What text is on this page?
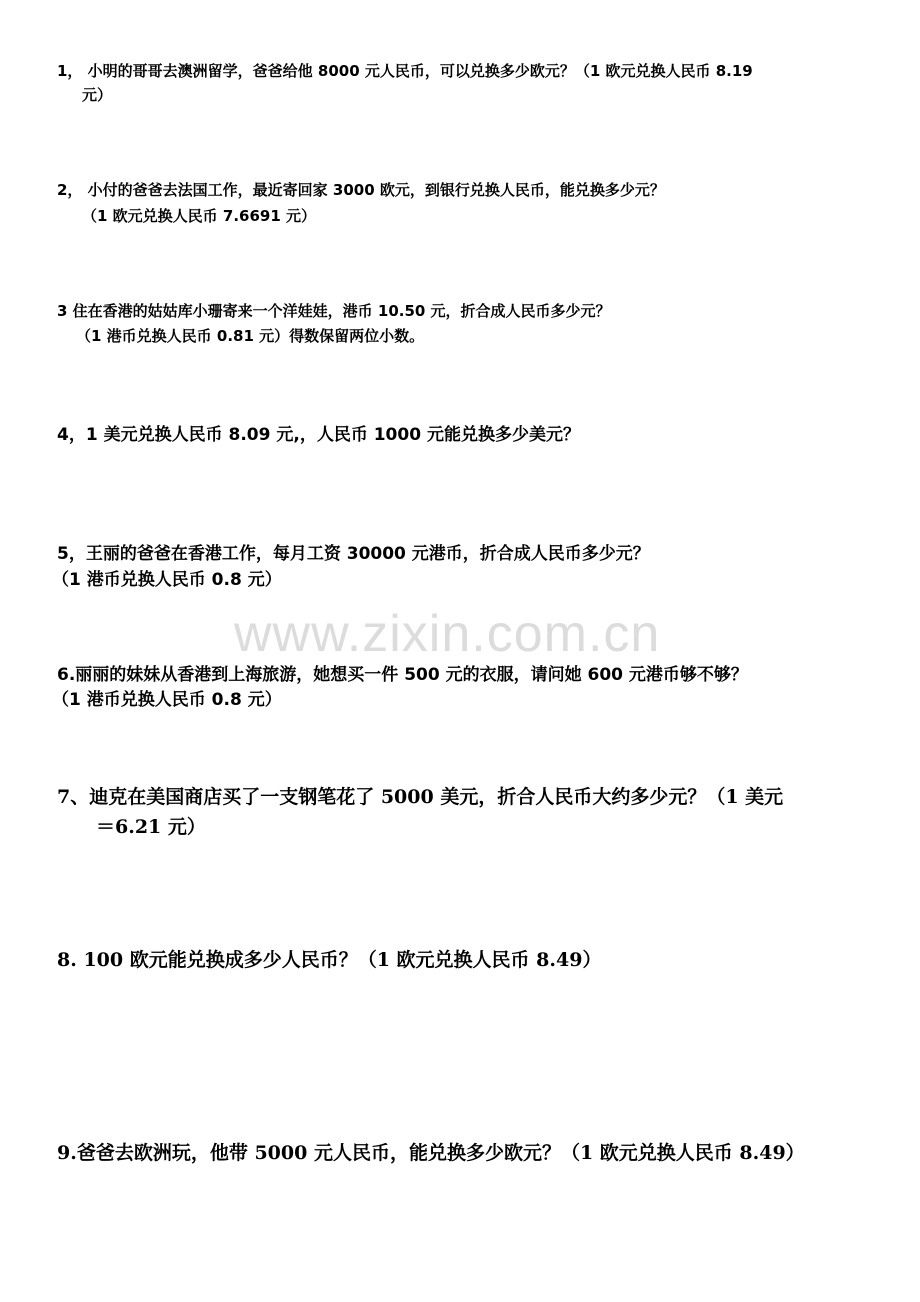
www.zixin.com.cn
1， 小明的哥哥去澳洲留学，爸爸给他 8000 元人民币，可以兑换多少欧元？（1 欧元兑换人民币 8.19
元）
2， 小付的爸爸去法国工作，最近寄回家 3000 欧元，到银行兑换人民币，能兑换多少元？
（1 欧元兑换人民币 7.6691 元）
3 住在香港的姑姑库小珊寄来一个洋娃娃，港币 10.50 元，折合成人民币多少元？
（1 港币兑换人民币 0.81 元）得数保留两位小数。
4，1 美元兑换人民币 8.09 元,，人民币 1000 元能兑换多少美元？
5，王丽的爸爸在香港工作，每月工资 30000 元港币，折合成人民币多少元？
（1 港币兑换人民币 0.8 元）
6.丽丽的妹妹从香港到上海旅游，她想买一件 500 元的衣服，请问她 600 元港币够不够？
（1 港币兑换人民币 0.8 元）
7、迪克在美国商店买了一支钢笔花了 5000 美元，折合人民币大约多少元？（1 美元
＝6.21 元）
8. 100 欧元能兑换成多少人民币？（1 欧元兑换人民币 8.49）
9.爸爸去欧洲玩，他带 5000 元人民币，能兑换多少欧元？（1 欧元兑换人民币 8.49）
